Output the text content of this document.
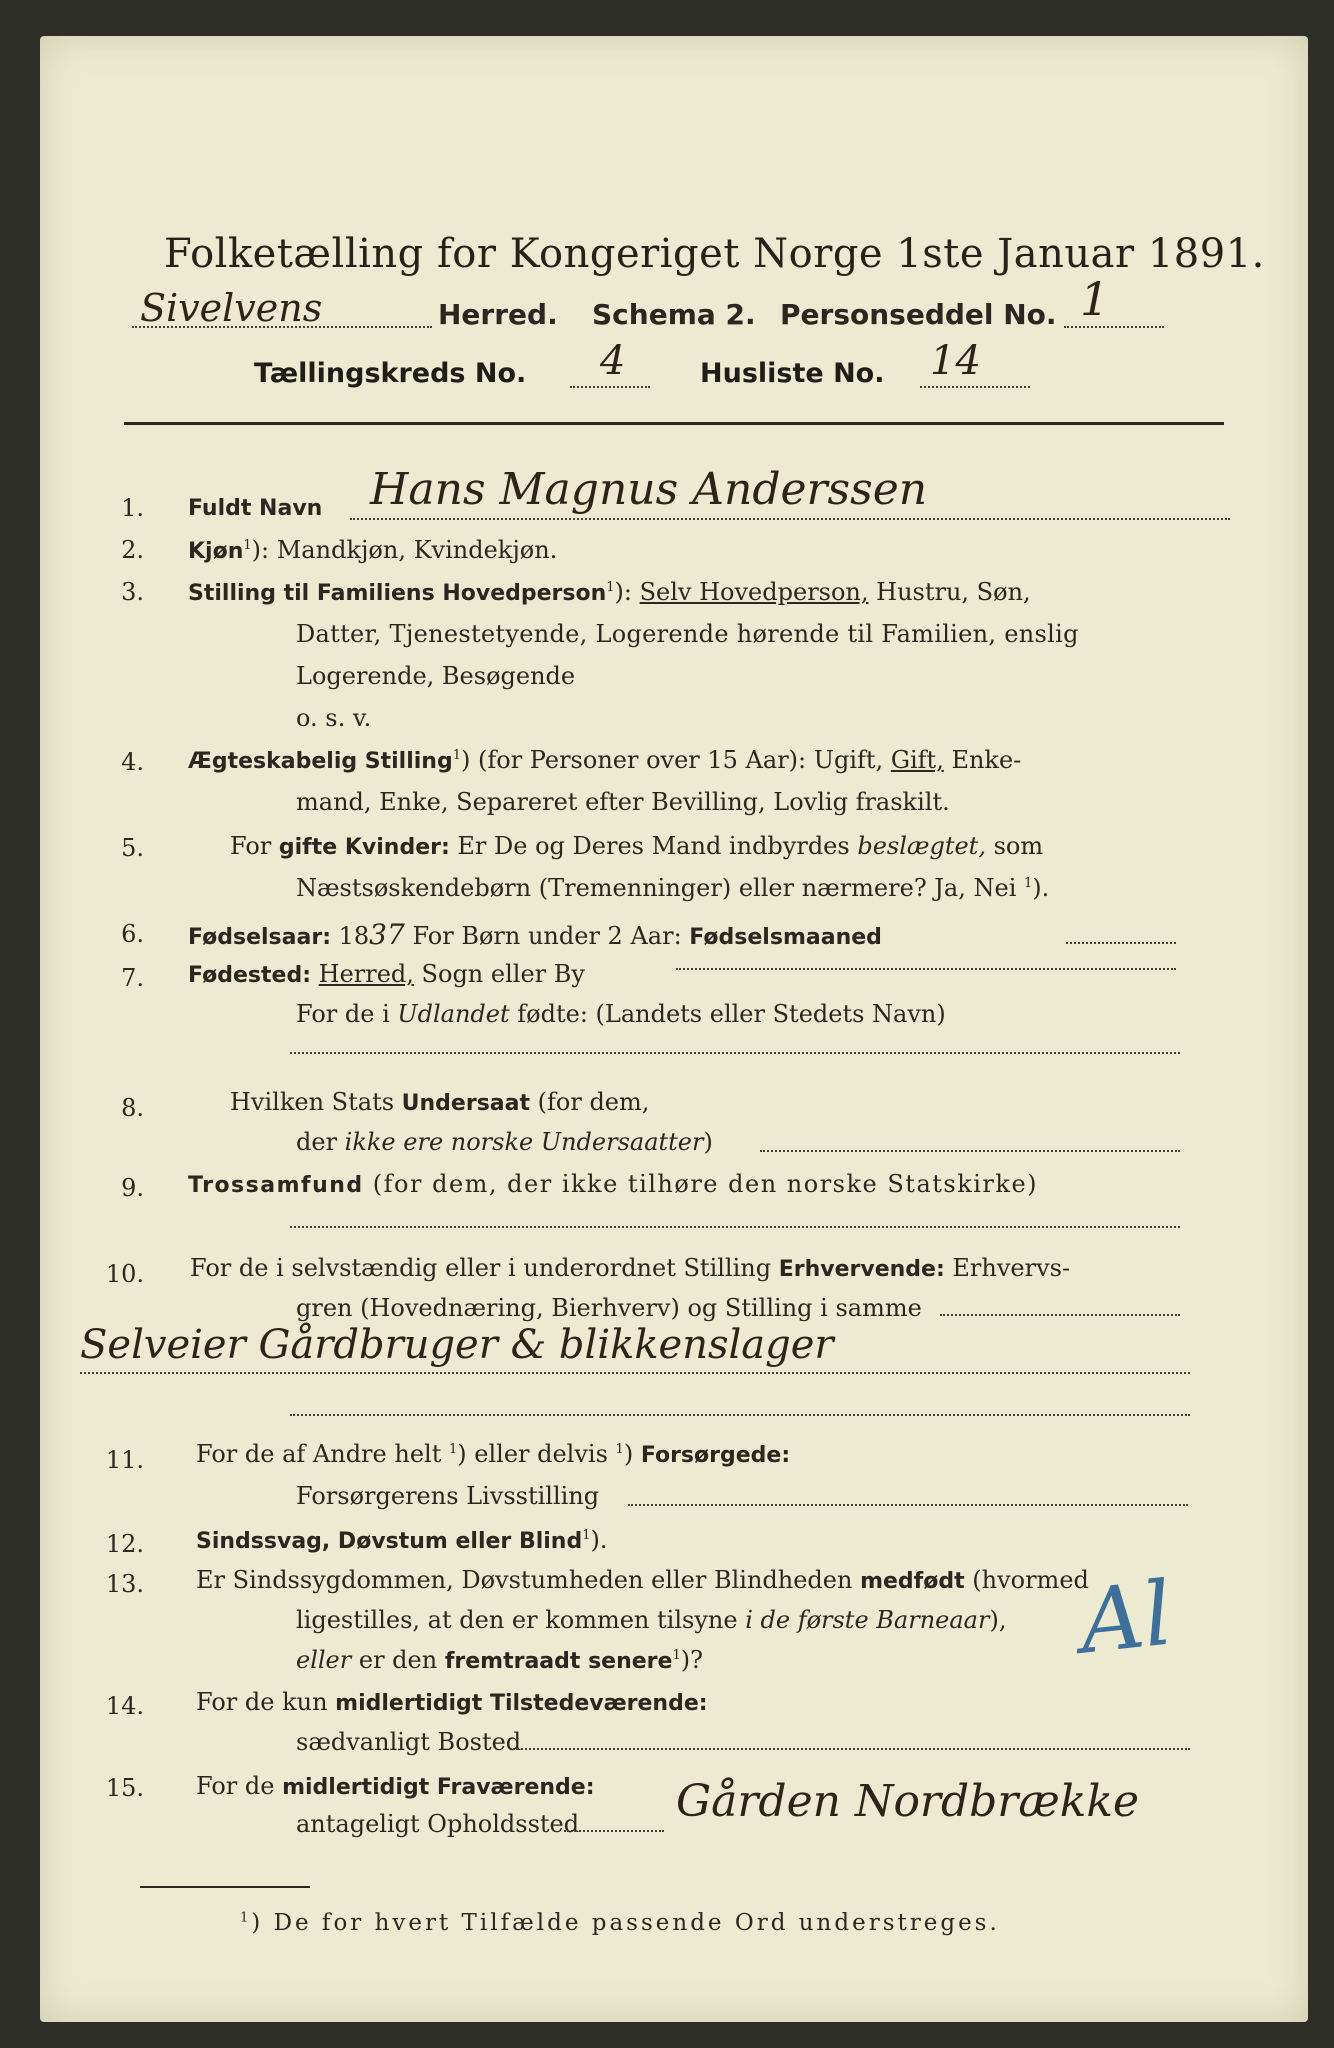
Folketælling for Kongeriget Norge 1ste Januar 1891.
Sivelvens	Herred. Schema 2. Personseddel No. 1
Tællingskreds No. 4	Husliste No. 14
1. Fuldt Navn Hans Magnus Anderssen
2. Kjøn$^1$): Mandkjøn, Kvindekjøn.
3. Stilling til Familiens Hovedperson$^1$): Selv Hovedperson, Hustru, Søn,
Datter, Tjenestetyende, Logerende hørende til Familien, enslig
Logerende, Besøgende
o. s. v.
4. Ægteskabelig Stilling$^1$) (for Personer over 15 Aar): Ugift, Gift, Enke-
mand, Enke, Separeret efter Bevilling, Lovlig fraskilt.
5.	For gifte Kvinder: Er De og Deres Mand indbyrdes beslægtet, som
Næstsøskendebørn (Tremenninger) eller nærmere? Ja, Nei $^1$).
6. Fødselsaar: 1837 For Børn under 2 Aar: Fødselsmaaned
7. Fødested: Herred, Sogn eller By
For de i Udlandet fødte: (Landets eller Stedets Navn)
8.	Hvilken Stats Undersaat (for dem,
der ikke ere norske Undersaatter)
9. Trossamfund (for dem, der ikke tilhøre den norske Statskirke)
10. For de i selvstændig eller i underordnet Stilling Erhvervende: Erhvervs-
gren (Hovednæring, Bierhverv) og Stilling i samme
Selveier Gårdbruger & blikkenslager
11. For de af Andre helt $^1$) eller delvis $^1$) Forsørgede:
Forsørgerens Livsstilling
12. Sindssvag, Døvstum eller Blind$^1$).
13. Er Sindssygdommen, Døvstumheden eller Blindheden medfødt (hvormed
ligestilles, at den er kommen tilsyne i de første Barneaar),
eller er den fremtraadt senere$^1$)?	Al
14. For de kun midlertidigt Tilstedeværende:
sædvanligt Bosted
15. For de midlertidigt Fraværende:
antageligt Opholdssted Gården Nordbrække
$^1$) De for hvert Tilfælde passende Ord understreges.
